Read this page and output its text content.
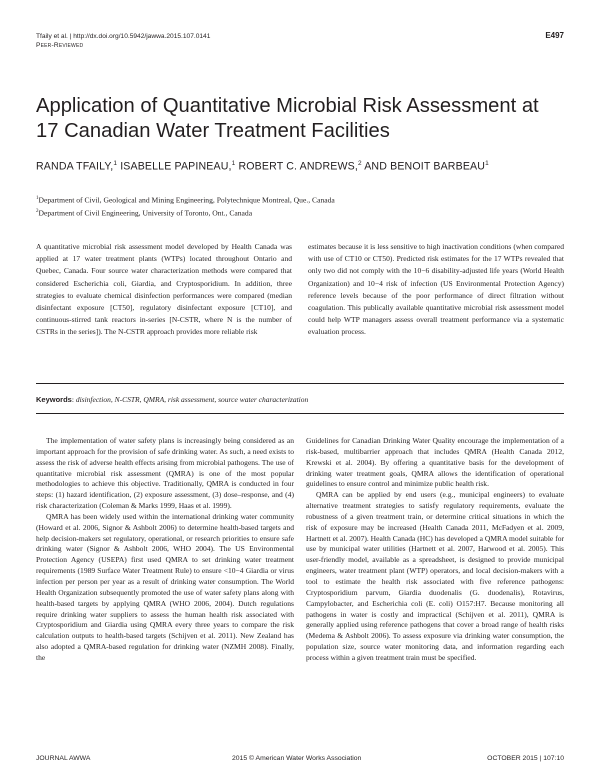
Tfaily et al. | http://dx.doi.org/10.5942/jawwa.2015.107.0141
Peer-Reviewed
E497
Application of Quantitative Microbial Risk Assessment at 17 Canadian Water Treatment Facilities
RANDA TFAILY,$^1$ ISABELLE PAPINEAU,$^1$ ROBERT C. ANDREWS,$^2$ AND BENOIT BARBEAU$^1$
$^1$Department of Civil, Geological and Mining Engineering, Polytechnique Montreal, Que., Canada
$^2$Department of Civil Engineering, University of Toronto, Ont., Canada

A quantitative microbial risk assessment model developed by Health Canada was applied at 17 water treatment plants (WTPs) located throughout Ontario and Quebec, Canada. Four source water characterization methods were compared that considered Escherichia coli, Giardia, and Cryptosporidium. In addition, three strategies to evaluate chemical disinfection performances were compared (median disinfectant exposure [CT50], regulatory disinfectant exposure [CT10], and continuous-stirred tank reactors in-series [N-CSTR, where N is the number of CSTRs in the series]). The N-CSTR approach provides more reliable risk

estimates because it is less sensitive to high inactivation conditions (when compared with use of CT10 or CT50). Predicted risk estimates for the 17 WTPs revealed that only two did not comply with the 10−6 disability-adjusted life years (World Health Organization) and 10−4 risk of infection (US Environmental Protection Agency) reference levels because of the poor performance of direct filtration without coagulation. This publically available quantitative microbial risk assessment model could help WTP managers assess overall treatment performance via a systematic evaluation process.

Keywords: disinfection, N-CSTR, QMRA, risk assessment, source water characterization

The implementation of water safety plans is increasingly being considered as an important approach for the provision of safe drinking water. As such, a need exists to assess the risk of adverse health effects arising from microbial pathogens. The use of quantitative microbial risk assessment (QMRA) is one of the most popular methodologies to achieve this objective. Traditionally, QMRA is conducted in four steps: (1) hazard identification, (2) exposure assessment, (3) dose–response, and (4) risk characterization (Coleman & Marks 1999, Haas et al. 1999).

QMRA has been widely used within the international drinking water community (Howard et al. 2006, Signor & Ashbolt 2006) to determine health-based targets and help decision-makers set regulatory, operational, or research priorities to ensure safe drinking water (Signor & Ashbolt 2006, WHO 2004). The US Environmental Protection Agency (USEPA) first used QMRA to set drinking water treatment requirements (1989 Surface Water Treatment Rule) to ensure <10−4 Giardia or virus infection per person per year as a result of drinking water consumption. The World Health Organization subsequently promoted the use of water safety plans along with health-based targets by applying QMRA (WHO 2006, 2004). Dutch regulations require drinking water suppliers to assess the human health risk associated with Cryptosporidium and Giardia using QMRA every three years to compare the risk calculation outputs to health-based targets (Schijven et al. 2011). New Zealand has also adopted a QMRA-based regulation for drinking water (NZMH 2008). Finally, the

Guidelines for Canadian Drinking Water Quality encourage the implementation of a risk-based, multibarrier approach that includes QMRA (Health Canada 2012, Krewski et al. 2004). By offering a quantitative basis for the development of drinking water treatment goals, QMRA allows the identification of operational guidelines to ensure control and minimize public health risk.

QMRA can be applied by end users (e.g., municipal engineers) to evaluate alternative treatment strategies to satisfy regulatory requirements, evaluate the robustness of a given treatment train, or determine critical situations in which the risk of exposure may be increased (Health Canada 2011, McFadyen et al. 2009, Hartnett et al. 2007). Health Canada (HC) has developed a QMRA model suitable for use by municipal water utilities (Hartnett et al. 2007, Harwood et al. 2005). This user-friendly model, available as a spreadsheet, is designed to provide municipal engineers, water treatment plant (WTP) operators, and local decision-makers with a tool to estimate the health risk associated with five reference pathogens: Cryptosporidium parvum, Giardia duodenalis (G. duodenalis), Rotavirus, Campylobacter, and Escherichia coli (E. coli) O157:H7. Because monitoring all pathogens in water is costly and impractical (Schijven et al. 2011), QMRA is generally applied using reference pathogens that cover a broad range of health risks (Medema & Ashbolt 2006). To assess exposure via drinking water consumption, the population size, source water monitoring data, and information regarding each process within a given treatment train must be specified.

JOURNAL AWWA	2015 © American Water Works Association	OCTOBER 2015 | 107:10
